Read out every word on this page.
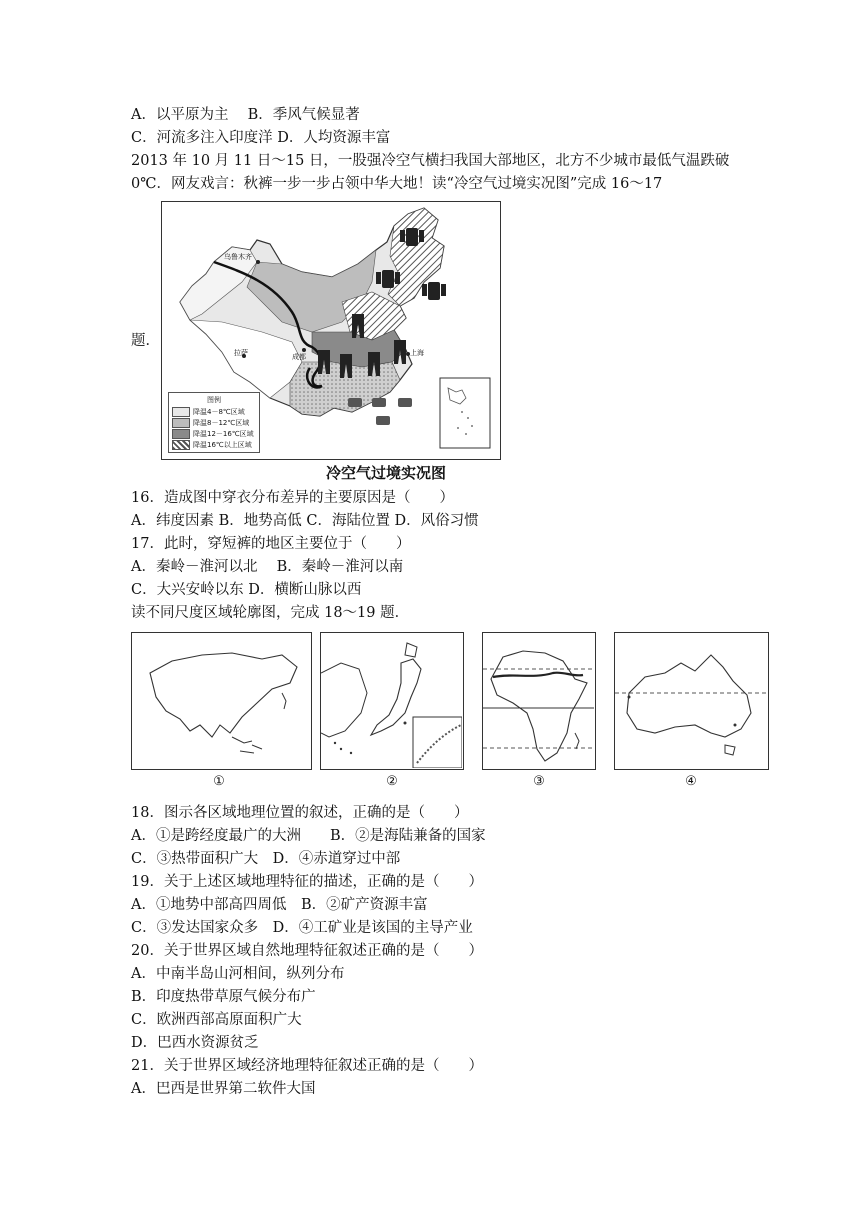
A．以平原为主　 B．季风气候显著
C．河流多注入印度洋 D．人均资源丰富
2013 年 10 月 11 日～15 日，一股强冷空气横扫我国大部地区，北方不少城市最低气温跌破
0℃．网友戏言：秋裤一步一步占领中华大地！读“冷空气过境实况图”完成 16～17
题．
乌鲁木齐
拉萨	成都	上海
图例
降温4－8℃区域
降温8－12℃区域
降温12－16℃区域
降温16℃以上区域
冷空气过境实况图
16．造成图中穿衣分布差异的主要原因是（　　）
A．纬度因素 B．地势高低 C．海陆位置 D．风俗习惯
17．此时，穿短裤的地区主要位于（　　）
A．秦岭－淮河以北　 B．秦岭－淮河以南
C．大兴安岭以东 D．横断山脉以西
读不同尺度区域轮廓图，完成 18～19 题．
①	②	③	④
18．图示各区域地理位置的叙述，正确的是（　　）
A．①是跨经度最广的大洲　　B．②是海陆兼备的国家
C．③热带面积广大　D．④赤道穿过中部
19．关于上述区域地理特征的描述，正确的是（　　）
A．①地势中部高四周低　B．②矿产资源丰富
C．③发达国家众多　D．④工矿业是该国的主导产业
20．关于世界区域自然地理特征叙述正确的是（　　）
A．中南半岛山河相间，纵列分布
B．印度热带草原气候分布广
C．欧洲西部高原面积广大
D．巴西水资源贫乏
21．关于世界区域经济地理特征叙述正确的是（　　）
A．巴西是世界第二软件大国
